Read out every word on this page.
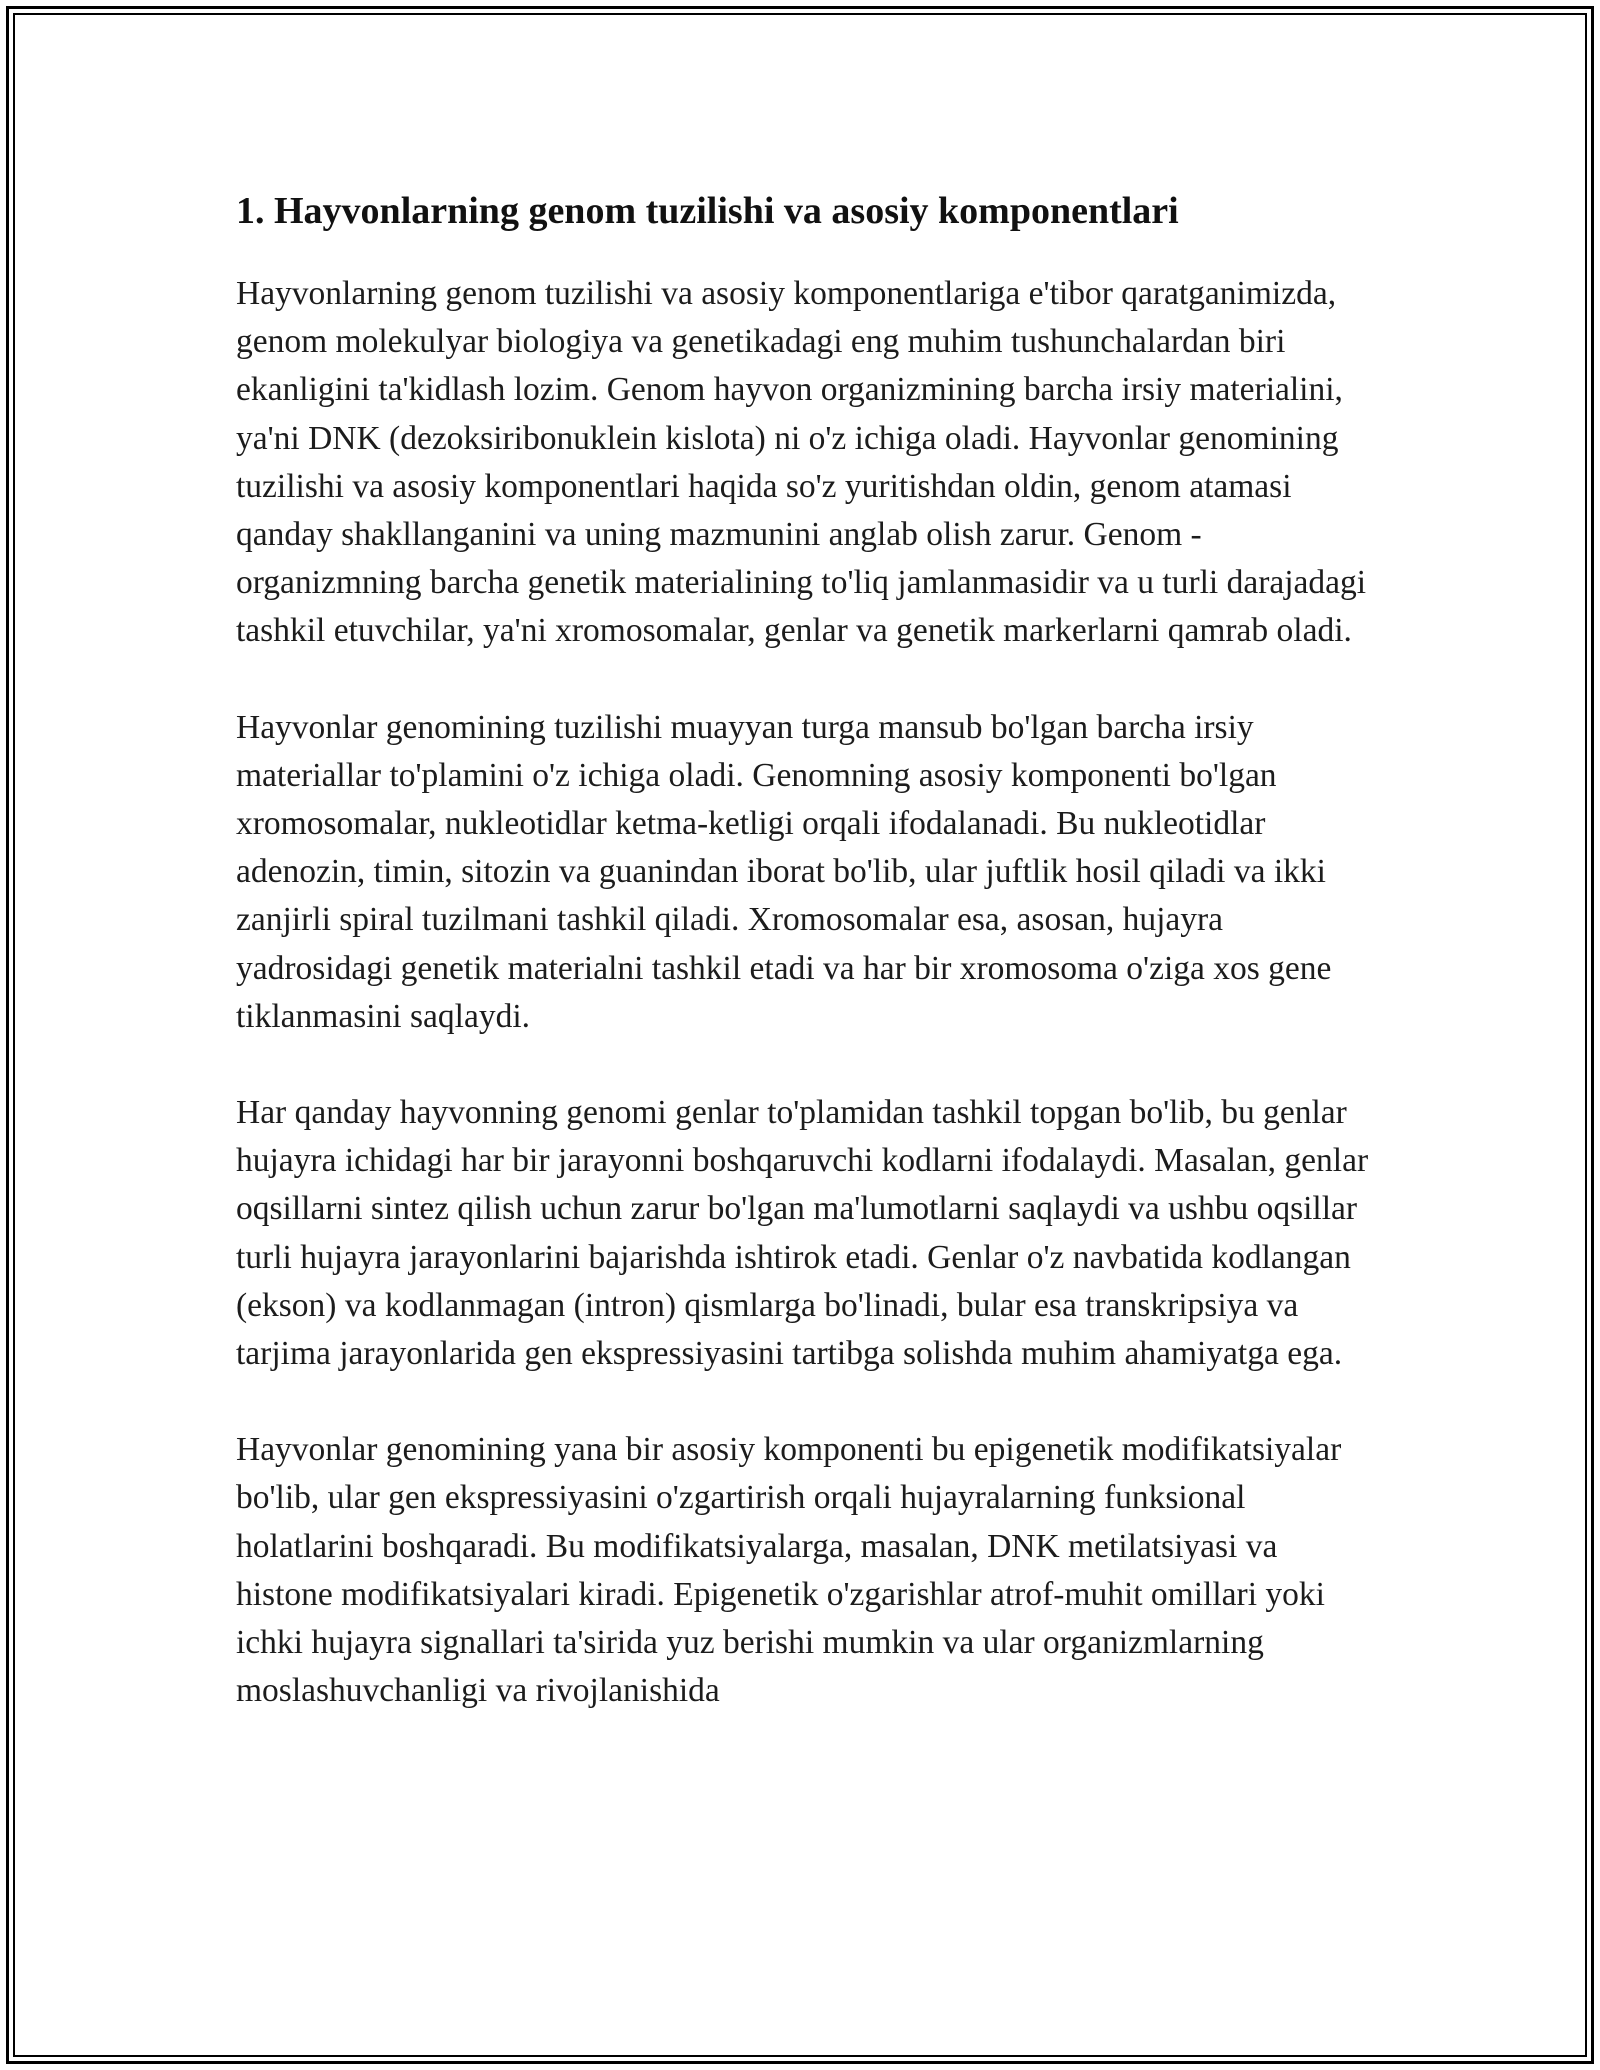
1. Hayvonlarning genom tuzilishi va asosiy komponentlari

Hayvonlarning genom tuzilishi va asosiy komponentlariga e'tibor qaratganimizda, genom molekulyar biologiya va genetikadagi eng muhim tushunchalardan biri ekanligini ta'kidlash lozim. Genom hayvon organizmining barcha irsiy materialini, ya'ni DNK (dezoksiribonuklein kislota) ni o'z ichiga oladi. Hayvonlar genomining tuzilishi va asosiy komponentlari haqida so'z yuritishdan oldin, genom atamasi qanday shakllanganini va uning mazmunini anglab olish zarur. Genom - organizmning barcha genetik materialining to'liq jamlanmasidir va u turli darajadagi tashkil etuvchilar, ya'ni xromosomalar, genlar va genetik markerlarni qamrab oladi.

Hayvonlar genomining tuzilishi muayyan turga mansub bo'lgan barcha irsiy materiallar to'plamini o'z ichiga oladi. Genomning asosiy komponenti bo'lgan xromosomalar, nukleotidlar ketma-ketligi orqali ifodalanadi. Bu nukleotidlar adenozin, timin, sitozin va guanindan iborat bo'lib, ular juftlik hosil qiladi va ikki zanjirli spiral tuzilmani tashkil qiladi. Xromosomalar esa, asosan, hujayra yadrosidagi genetik materialni tashkil etadi va har bir xromosoma o'ziga xos gene tiklanmasini saqlaydi.

Har qanday hayvonning genomi genlar to'plamidan tashkil topgan bo'lib, bu genlar hujayra ichidagi har bir jarayonni boshqaruvchi kodlarni ifodalaydi. Masalan, genlar oqsillarni sintez qilish uchun zarur bo'lgan ma'lumotlarni saqlaydi va ushbu oqsillar turli hujayra jarayonlarini bajarishda ishtirok etadi. Genlar o'z navbatida kodlangan (ekson) va kodlanmagan (intron) qismlarga bo'linadi, bular esa transkripsiya va tarjima jarayonlarida gen ekspressiyasini tartibga solishda muhim ahamiyatga ega.

Hayvonlar genomining yana bir asosiy komponenti bu epigenetik modifikatsiyalar bo'lib, ular gen ekspressiyasini o'zgartirish orqali hujayralarning funksional holatlarini boshqaradi. Bu modifikatsiyalarga, masalan, DNK metilatsiyasi va histone modifikatsiyalari kiradi. Epigenetik o'zgarishlar atrof-muhit omillari yoki ichki hujayra signallari ta'sirida yuz berishi mumkin va ular organizmlarning moslashuvchanligi va rivojlanishida
